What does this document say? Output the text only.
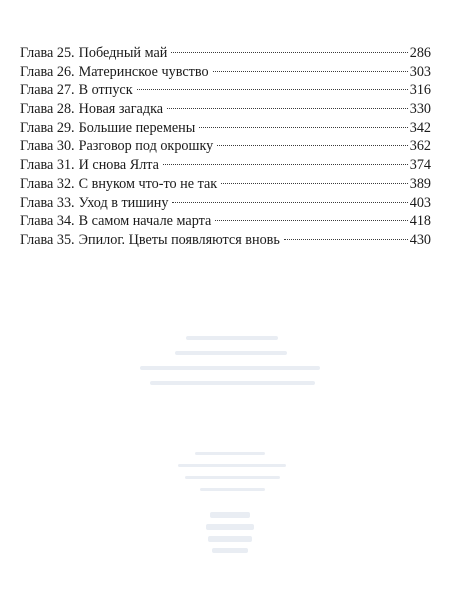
Глава 25. Победный май	286
Глава 26. Материнское чувство	303
Глава 27. В отпуск	316
Глава 28. Новая загадка	330
Глава 29. Большие перемены	342
Глава 30. Разговор под окрошку	362
Глава 31. И снова Ялта	374
Глава 32. С внуком что-то не так	389
Глава 33. Уход в тишину	403
Глава 34. В самом начале марта	418
Глава 35. Эпилог. Цветы появляются вновь	430
